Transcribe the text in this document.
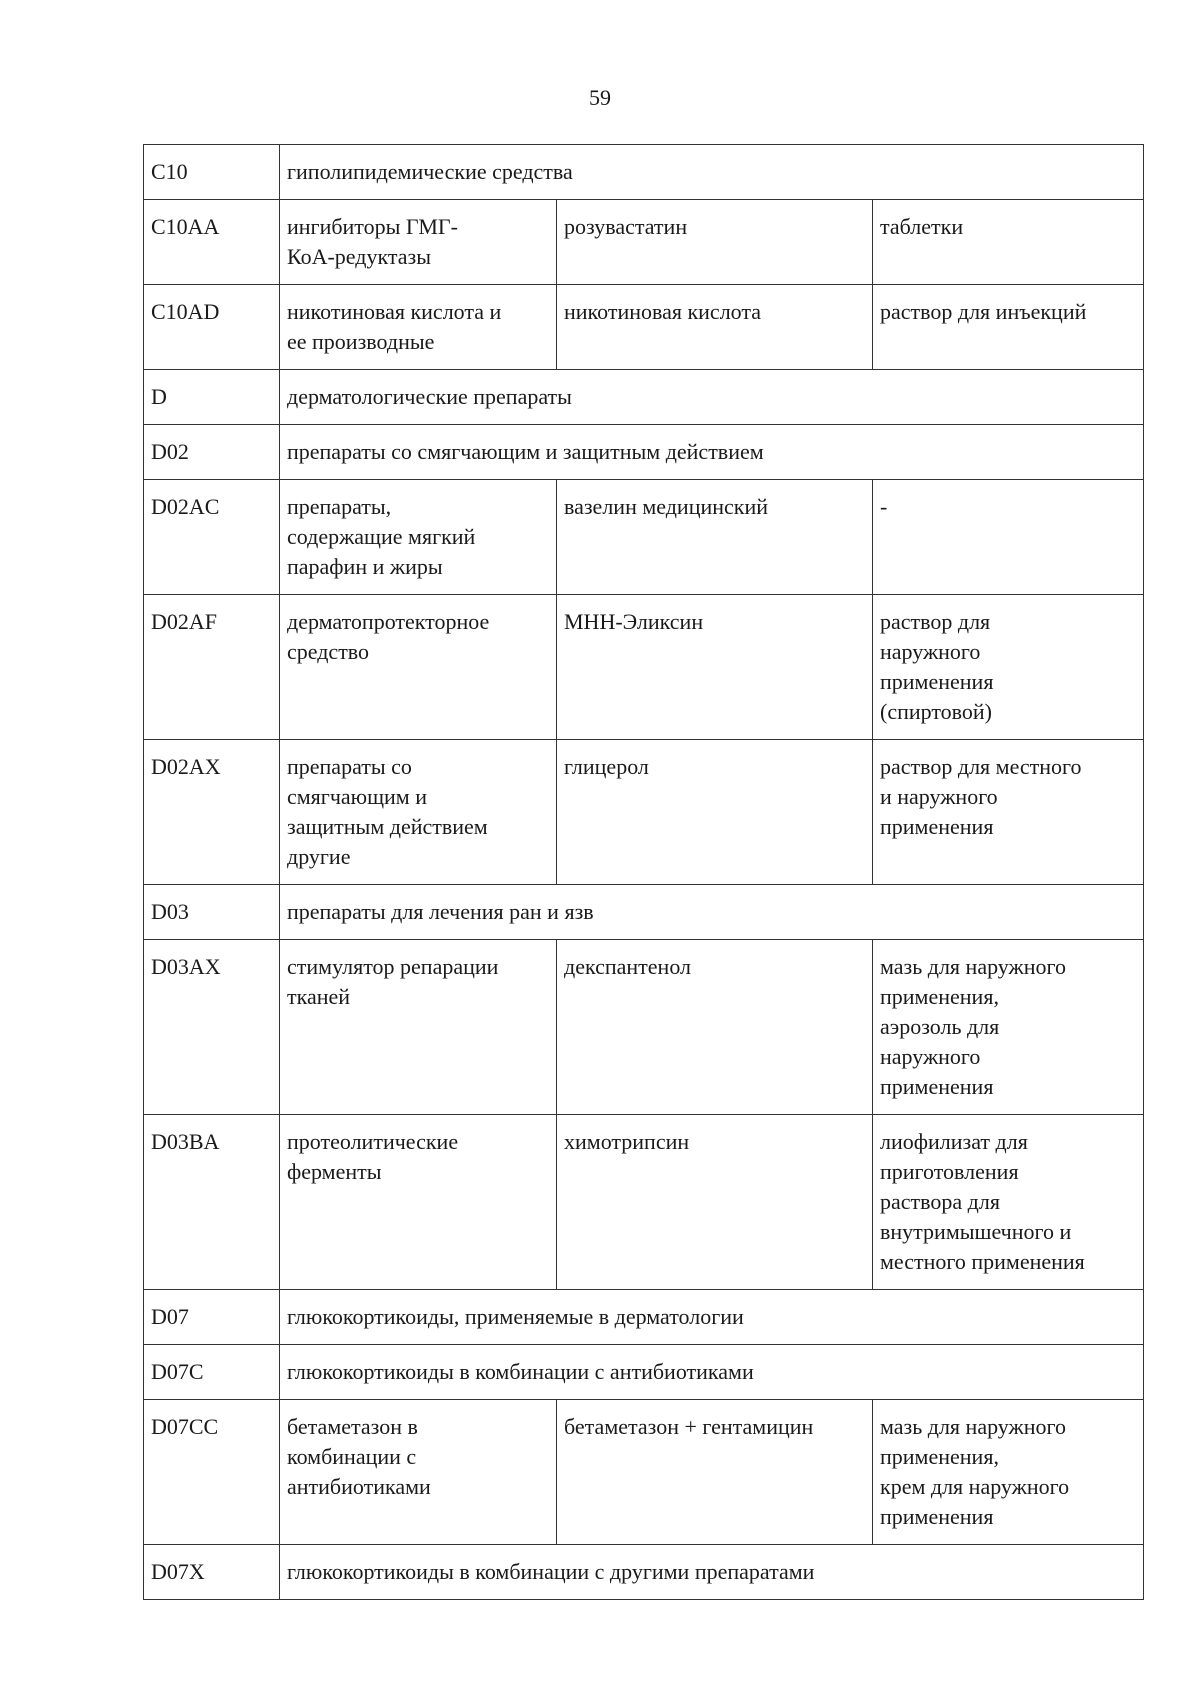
59
C10	гиполипидемические средства		
C10AA	ингибиторы ГМГ-
КоА-редуктазы	розувастатин	таблетки

C10AD	никотиновая кислота и
ее производные	никотиновая кислота	раствор для инъекций

D	дерматологические препараты		
D02	препараты со смягчающим и защитным действием		
D02AC	препараты,
содержащие мягкий
парафин и жиры	вазелин медицинский	-

D02AF	дерматопротекторное
средство	МНН-Эликсин	раствор для
наружного
применения
(спиртовой)

D02AX	препараты со
смягчающим и
защитным действием
другие	глицерол	раствор для местного
и наружного
применения

D03	препараты для лечения ран и язв		
D03AX	стимулятор репарации
тканей	декспантенол	мазь для наружного
применения,
аэрозоль для
наружного
применения

D03BA	протеолитические
ферменты	химотрипсин	лиофилизат для
приготовления
раствора для
внутримышечного и
местного применения

D07	глюкокортикоиды, применяемые в дерматологии		
D07C	глюкокортикоиды в комбинации с антибиотиками		
D07CC	бетаметазон в
комбинации с
антибиотиками	бетаметазон + гентамицин	мазь для наружного
применения,
крем для наружного
применения

D07X	глюкокортикоиды в комбинации с другими препаратами		
